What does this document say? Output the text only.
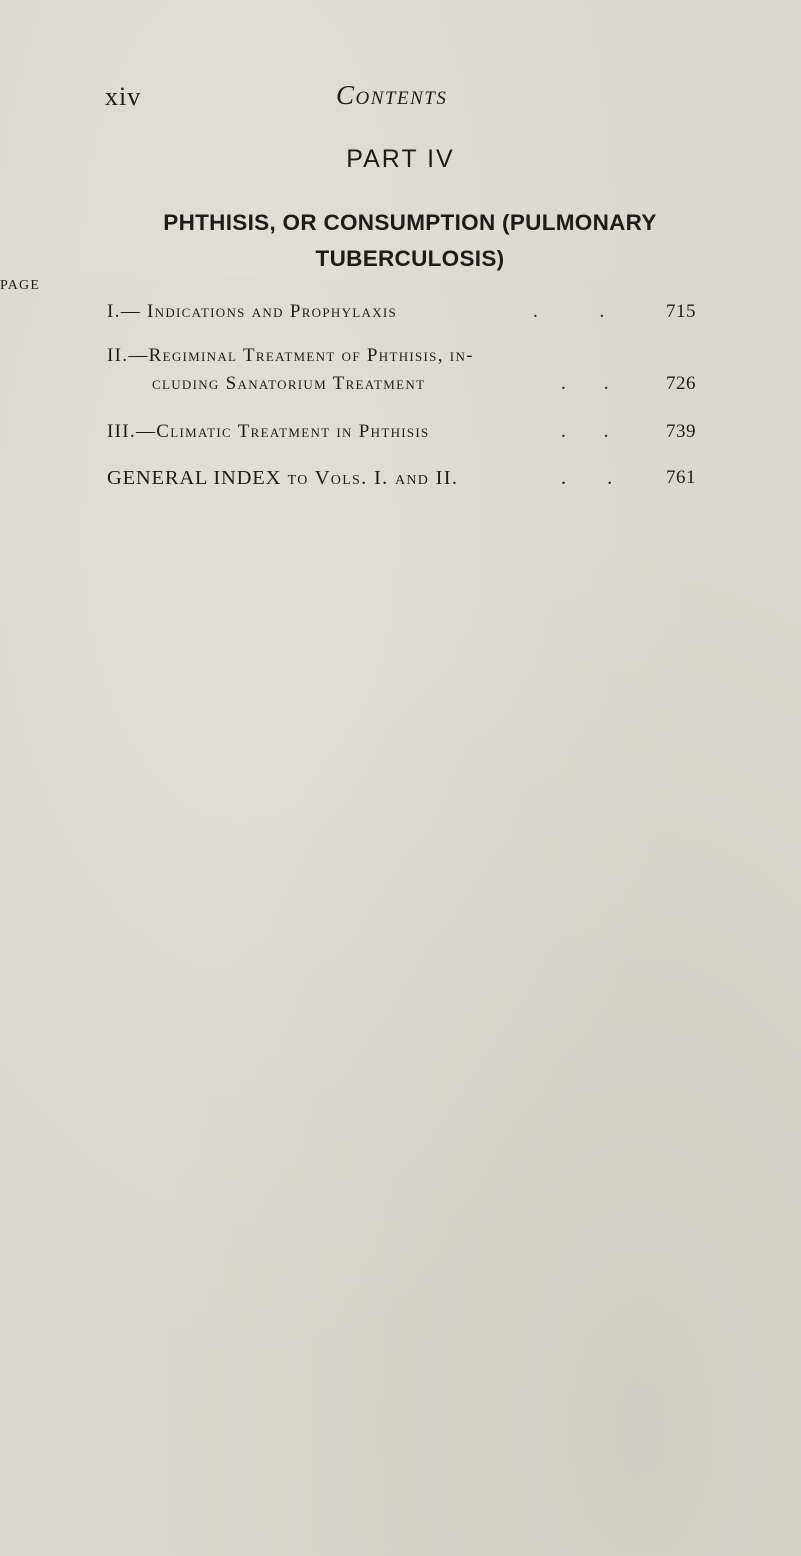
xiv	Contents
PART IV
PHTHISIS, OR CONSUMPTION (PULMONARY
TUBERCULOSIS)
PAGE
I.— Indications and Prophylaxis	.             .	715
II.—Regiminal Treatment of Phthisis, in-
cluding Sanatorium Treatment	.        .	726
III.—Climatic Treatment in Phthisis	.        .	739
GENERAL INDEX to Vols. I. and II.	.        .	761
